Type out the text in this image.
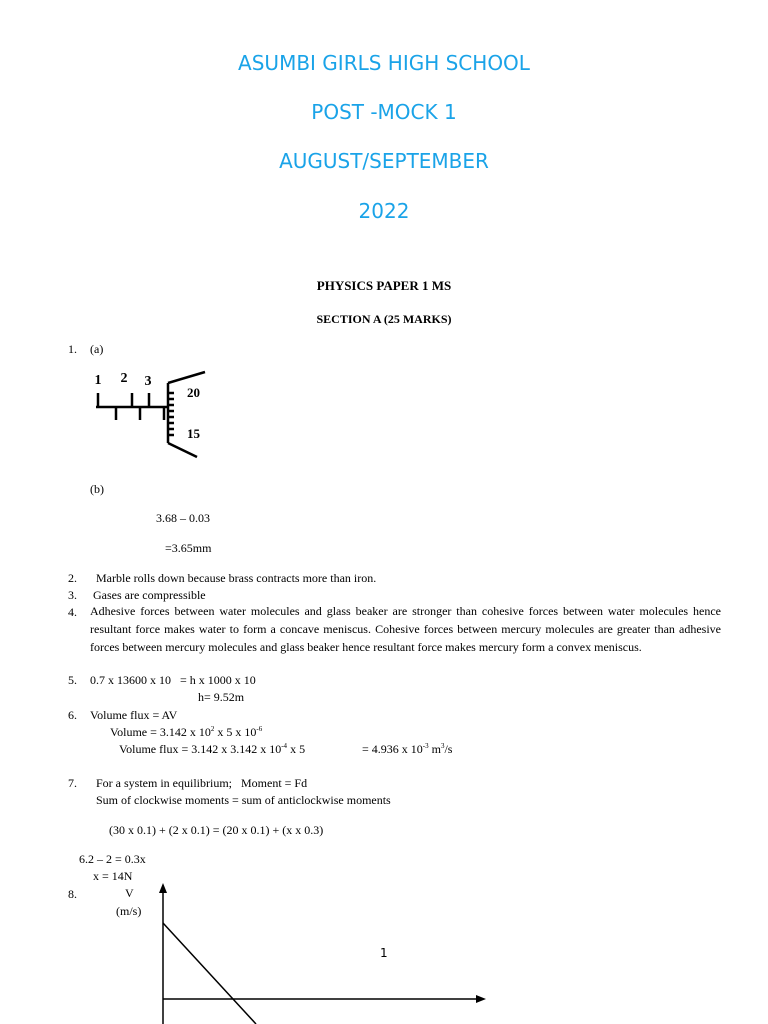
ASUMBI GIRLS HIGH SCHOOL
POST -MOCK 1
AUGUST/SEPTEMBER
2022
PHYSICS PAPER 1 MS
SECTION A (25 MARKS)
1. (a)
1 2 3
20
15
(b)
3.68 – 0.03
=3.65mm
2. Marble rolls down because brass contracts more than iron.
3. Gases are compressible
4. Adhesive forces between water molecules and glass beaker are stronger than cohesive forces between water molecules hence resultant force makes water to form a concave meniscus. Cohesive forces between mercury molecules are greater than adhesive forces between mercury molecules and glass beaker hence resultant force makes mercury form a convex meniscus.
5. 0.7 x 13600 x 10   = h x 1000 x 10
h= 9.52m
6. Volume flux = AV
Volume = 3.142 x $10^2$ x 5 x $10^{-6}$
Volume flux = 3.142 x 3.142 x $10^{-4}$ x 5	= 4.936 x $10^{-3}$ $m^3/s$
7. For a system in equilibrium;   Moment = Fd
Sum of clockwise moments = sum of anticlockwise moments
(30 x 0.1) + (2 x 0.1) = (20 x 0.1) + (x x 0.3)
6.2 – 2 = 0.3x
x = 14N
8.	V
(m/s)
1
